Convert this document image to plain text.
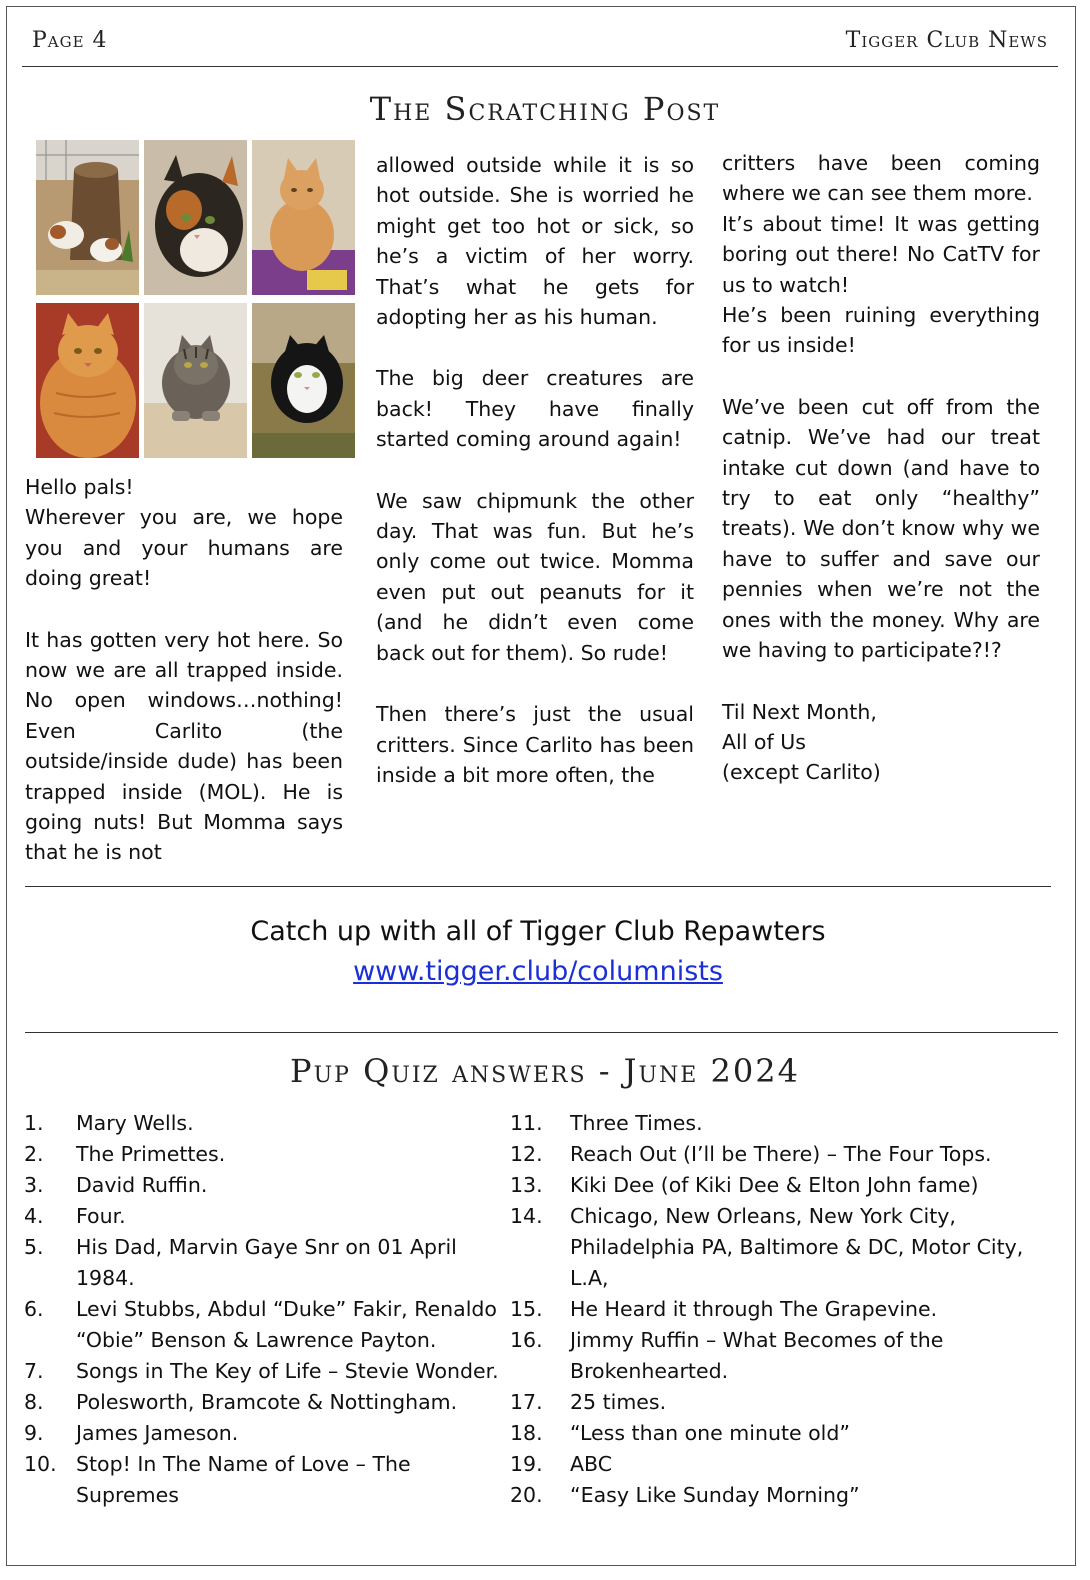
Page 4	Tigger Club News
The Scratching Post

Hello pals!

Wherever you are, we hope you and your humans are doing great!

It has gotten very hot here. So now we are all trapped inside. No open windows…nothing! Even Carlito (the outside/inside dude) has been trapped inside (MOL). He is going nuts! But Momma says that he is not

allowed outside while it is so hot outside. She is worried he might get too hot or sick, so he’s a victim of her worry. That’s what he gets for adopting her as his human.

The big deer creatures are back! They have finally started coming around again!

We saw chipmunk the other day. That was fun. But he’s only come out twice. Momma even put out peanuts for it (and he didn’t even come back out for them). So rude!

Then there’s just the usual critters. Since Carlito has been inside a bit more often, the

critters have been coming where we can see them more.

It’s about time! It was getting boring out there! No CatTV for us to watch!

He’s been ruining everything for us inside!

We’ve been cut off from the catnip. We’ve had our treat intake cut down (and have to try to eat only “healthy” treats). We don’t know why we have to suffer and save our pennies when we’re not the ones with the money. Why are we having to participate?!?

Til Next Month,

All of Us

(except Carlito)

Catch up with all of Tigger Club Repawters
www.tigger.club/columnists
Pup Quiz answers - June 2024
1. Mary Wells.
2. The Primettes.
3. David Ruffin.
4. Four.
5. His Dad, Marvin Gaye Snr on 01 April 1984.
6. Levi Stubbs, Abdul “Duke” Fakir, Renaldo “Obie” Benson & Lawrence Payton.
7. Songs in The Key of Life – Stevie Wonder.
8. Polesworth, Bramcote & Nottingham.
9. James Jameson.
10. Stop! In The Name of Love – The Supremes
11. Three Times.
12. Reach Out (I’ll be There) – The Four Tops.
13. Kiki Dee (of Kiki Dee & Elton John fame)
14. Chicago, New Orleans, New York City, Philadelphia PA, Baltimore & DC, Motor City, L.A,
15. He Heard it through The Grapevine.
16. Jimmy Ruffin – What Becomes of the Brokenhearted.
17. 25 times.
18. “Less than one minute old”
19. ABC
20. “Easy Like Sunday Morning”
